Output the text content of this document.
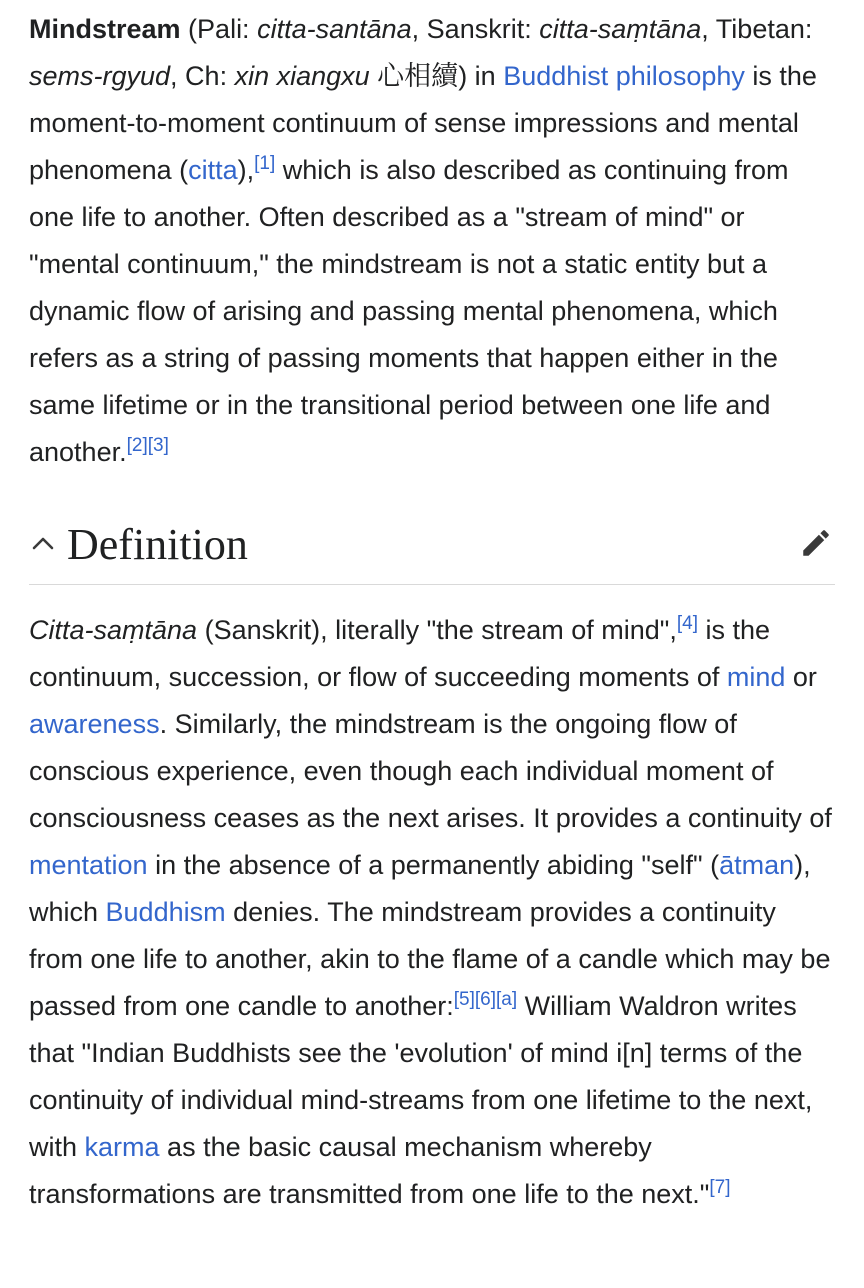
Mindstream (Pali: citta-santāna, Sanskrit: citta-saṃtāna, Tibetan: sems-rgyud, Ch: xin xiangxu 心相續) in Buddhist philosophy is the moment-to-moment continuum of sense impressions and mental phenomena (citta),[1] which is also described as continuing from one life to another. Often described as a "stream of mind" or "mental continuum," the mindstream is not a static entity but a dynamic flow of arising and passing mental phenomena, which refers as a string of passing moments that happen either in the same lifetime or in the transitional period between one life and another.[2][3]

Definition

Citta-saṃtāna (Sanskrit), literally "the stream of mind",[4] is the continuum, succession, or flow of succeeding moments of mind or awareness. Similarly, the mindstream is the ongoing flow of conscious experience, even though each individual moment of consciousness ceases as the next arises. It provides a continuity of mentation in the absence of a permanently abiding "self" (ātman), which Buddhism denies. The mindstream provides a continuity from one life to another, akin to the flame of a candle which may be passed from one candle to another:[5][6][a] William Waldron writes that "Indian Buddhists see the 'evolution' of mind i[n] terms of the continuity of individual mind-streams from one lifetime to the next, with karma as the basic causal mechanism whereby transformations are transmitted from one life to the next."[7]
